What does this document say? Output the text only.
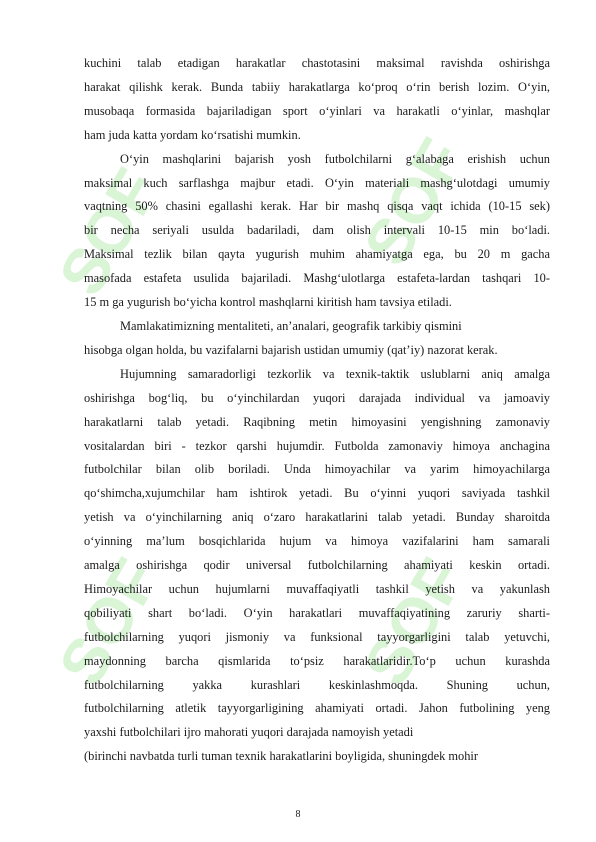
SOF	SOF
SOF	SOF

kuchini talab etadigan harakatlar chastotasini maksimal ravishda oshirishga
harakat qilishk kerak. Bunda tabiiy harakatlarga koʻproq oʻrin berish lozim. Oʻyin,
musobaqa formasida bajariladigan sport oʻyinlari va harakatli oʻyinlar, mashqlar
ham juda katta yordam koʻrsatishi mumkin.

Oʻyin mashqlarini bajarish yosh futbolchilarni gʻalabaga erishish uchun
maksimal kuch sarflashga majbur etadi. Oʻyin materiali mashgʻulotdagi umumiy
vaqtning 50% chasini egallashi kerak. Har bir mashq qisqa vaqt ichida (10-15 sek)
bir necha seriyali usulda badariladi, dam olish intervali 10-15 min boʻladi.
Maksimal tezlik bilan qayta yugurish muhim ahamiyatga ega, bu 20 m gacha
masofada estafeta usulida bajariladi. Mashgʻulotlarga estafeta-lardan tashqari 10-
15 m ga yugurish boʻyicha kontrol mashqlarni kiritish ham tavsiya etiladi.

Mamlakatimizning mentaliteti, an’analari, geografik tarkibiy qismini

hisobga olgan holda, bu vazifalarni bajarish ustidan umumiy (qat’iy) nazorat kerak.

Hujumning samaradorligi tezkorlik va texnik-taktik uslublarni aniq amalga
oshirishga bogʻliq, bu oʻyinchilardan yuqori darajada individual va jamoaviy
harakatlarni talab yetadi. Raqibning metin himoyasini yengishning zamonaviy
vositalardan biri - tezkor qarshi hujumdir. Futbolda zamonaviy himoya anchagina
futbolchilar bilan olib boriladi. Unda himoyachilar va yarim himoyachilarga
qoʻshimcha,xujumchilar ham ishtirok yetadi. Bu oʻyinni yuqori saviyada tashkil
yetish va oʻyinchilarning aniq oʻzaro harakatlarini talab yetadi. Bunday sharoitda
oʻyinning ma’lum bosqichlarida hujum va himoya vazifalarini ham samarali
amalga oshirishga qodir universal futbolchilarning ahamiyati keskin ortadi.
Himoyachilar uchun hujumlarni muvaffaqiyatli tashkil yetish va yakunlash
qobiliyati shart boʻladi. Oʻyin harakatlari muvaffaqiyatining zaruriy sharti-
futbolchilarning yuqori jismoniy va funksional tayyorgarligini talab yetuvchi,
maydonning barcha qismlarida toʻpsiz harakatlaridir.Toʻp uchun kurashda
futbolchilarning yakka kurashlari keskinlashmoqda. Shuning uchun,
futbolchilarning atletik tayyorgarligining ahamiyati ortadi. Jahon futbolining yeng
yaxshi futbolchilari ijro mahorati yuqori darajada namoyish yetadi

(birinchi navbatda turli tuman texnik harakatlarini boyligida, shuningdek mohir

8
